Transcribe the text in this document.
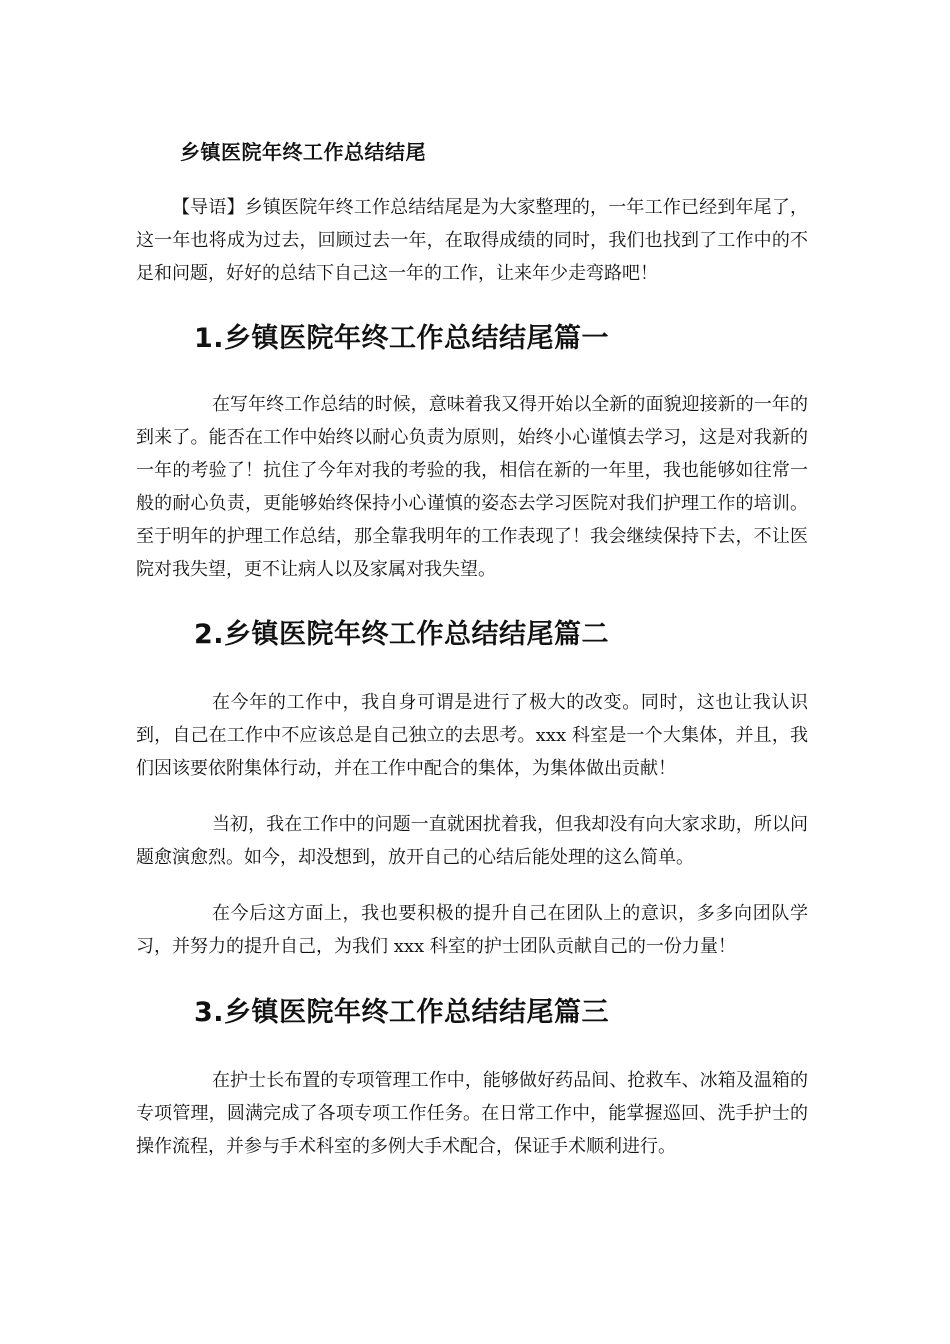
乡镇医院年终工作总结结尾

【导语】乡镇医院年终工作总结结尾是为大家整理的，一年工作已经到年尾了，这一年也将成为过去，回顾过去一年，在取得成绩的同时，我们也找到了工作中的不足和问题，好好的总结下自己这一年的工作，让来年少走弯路吧！

1.乡镇医院年终工作总结结尾篇一

在写年终工作总结的时候，意味着我又得开始以全新的面貌迎接新的一年的到来了。能否在工作中始终以耐心负责为原则，始终小心谨慎去学习，这是对我新的一年的考验了！抗住了今年对我的考验的我，相信在新的一年里，我也能够如往常一般的耐心负责，更能够始终保持小心谨慎的姿态去学习医院对我们护理工作的培训。至于明年的护理工作总结，那全靠我明年的工作表现了！我会继续保持下去，不让医院对我失望，更不让病人以及家属对我失望。

2.乡镇医院年终工作总结结尾篇二

在今年的工作中，我自身可谓是进行了极大的改变。同时，这也让我认识到，自己在工作中不应该总是自己独立的去思考。xxx 科室是一个大集体，并且，我们因该要依附集体行动，并在工作中配合的集体，为集体做出贡献！

当初，我在工作中的问题一直就困扰着我，但我却没有向大家求助，所以问题愈演愈烈。如今，却没想到，放开自己的心结后能处理的这么简单。

在今后这方面上，我也要积极的提升自己在团队上的意识，多多向团队学习，并努力的提升自己，为我们 xxx 科室的护士团队贡献自己的一份力量！

3.乡镇医院年终工作总结结尾篇三

在护士长布置的专项管理工作中，能够做好药品间、抢救车、冰箱及温箱的专项管理，圆满完成了各项专项工作任务。在日常工作中，能掌握巡回、洗手护士的操作流程，并参与手术科室的多例大手术配合，保证手术顺利进行。
